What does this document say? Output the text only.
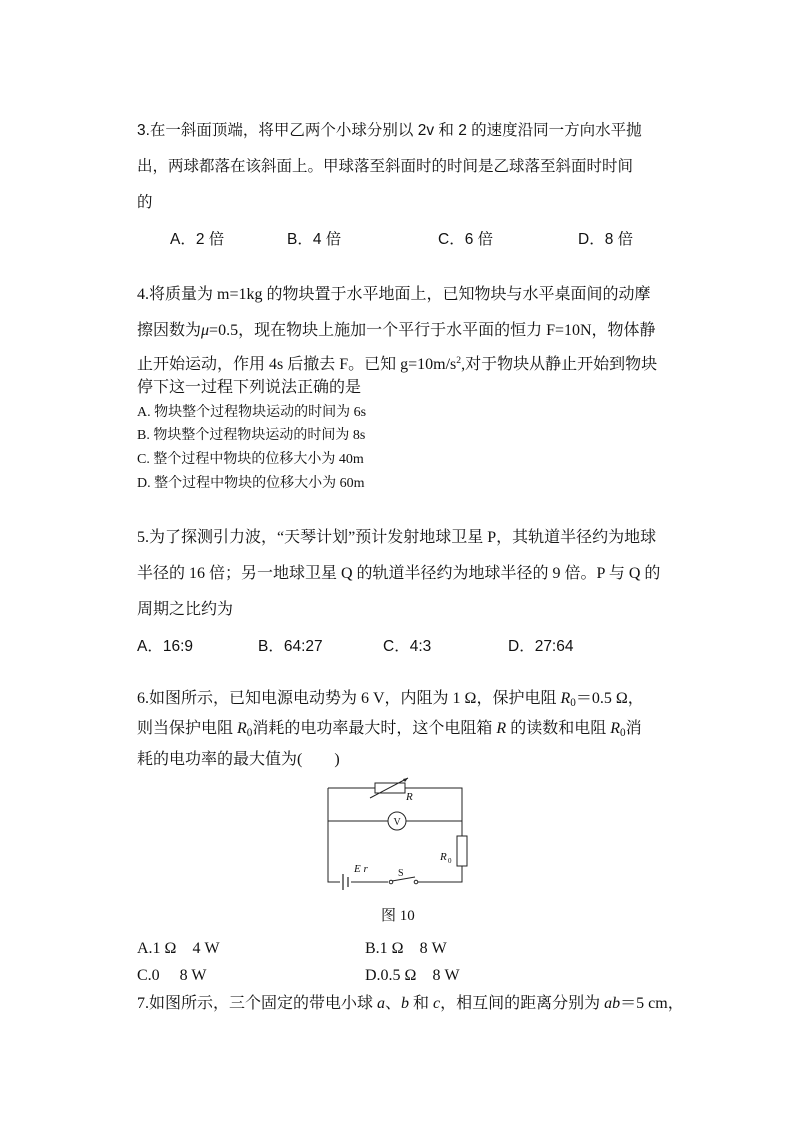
3.在一斜面顶端，将甲乙两个小球分别以 2v 和 2 的速度沿同一方向水平抛
出，两球都落在该斜面上。甲球落至斜面时的时间是乙球落至斜面时时间
的
A．2 倍	B．4 倍	C．6 倍	D．8 倍
4.将质量为 m=1kg 的物块置于水平地面上，已知物块与水平桌面间的动摩
擦因数为μ=0.5，现在物块上施加一个平行于水平面的恒力 F=10N，物体静
止开始运动，作用 4s 后撤去 F。已知 $g=10m/s^2$,对于物块从静止开始到物块
停下这一过程下列说法正确的是
A. 物块整个过程物块运动的时间为 6s
B. 物块整个过程物块运动的时间为 8s
C. 整个过程中物块的位移大小为 40m
D. 整个过程中物块的位移大小为 60m
5.为了探测引力波，“天琴计划”预计发射地球卫星 P，其轨道半径约为地球
半径的 16 倍；另一地球卫星 Q 的轨道半径约为地球半径的 9 倍。P 与 Q 的
周期之比约为
A．16:9	B．64:27	C．4:3	D．27:64
6.如图所示，已知电源电动势为 6 V，内阻为 1 Ω，保护电阻 $R_0=0.5$ Ω，
则当保护电阻 $R_0$消耗的电功率最大时，这个电阻箱 R 的读数和电阻 $R_0$消
耗的电功率的最大值为(　　)
R
V
R 0
E r	S
图 10
A.1 Ω　4 W	B.1 Ω　8 W
C.0　 8 W	D.0.5 Ω　8 W
7.如图所示，三个固定的带电小球 a、b 和 c，相互间的距离分别为 ab＝5 cm，
